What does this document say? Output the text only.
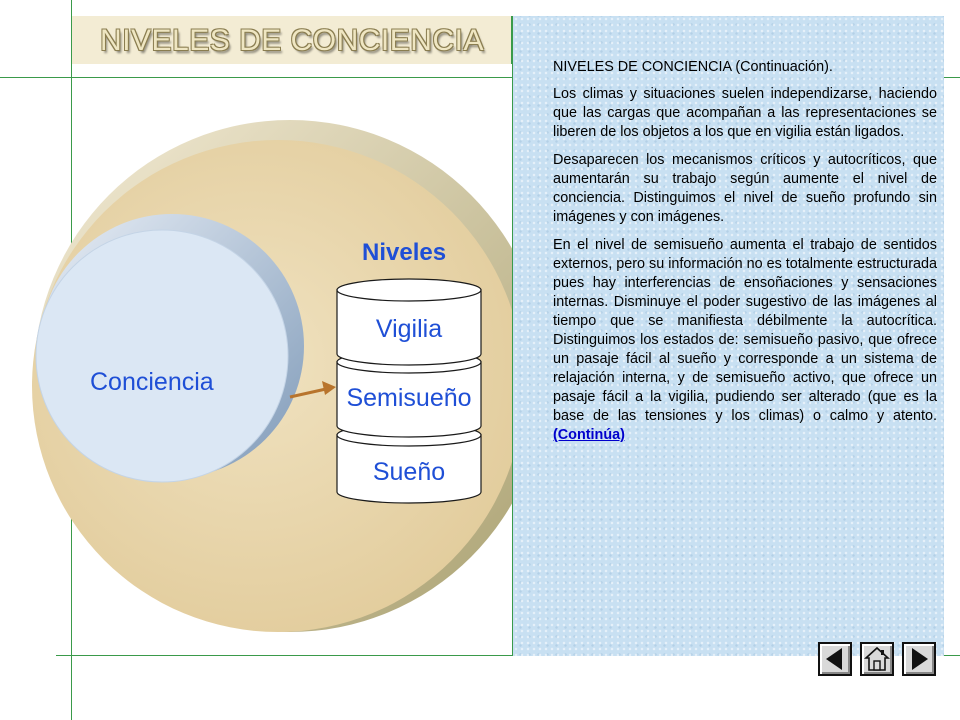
NIVELES DE CONCIENCIA
Conciencia
Niveles
Vigilia
Semisueño
Sueño
NIVELES DE CONCIENCIA (Continuación).

Los climas y situaciones suelen independizarse, haciendo que las cargas que acompañan a las representaciones se liberen de los objetos a los que en vigilia están ligados.

Desaparecen los mecanismos críticos y autocríticos, que aumentarán su trabajo según aumente el nivel de conciencia. Distinguimos el nivel de sueño profundo sin imágenes y con imágenes.

En el nivel de semisueño aumenta el trabajo de sentidos externos, pero su información no es totalmente estructurada pues hay interferencias de ensoñaciones y sensaciones internas. Disminuye el poder sugestivo de las imágenes al tiempo que se manifiesta débilmente la autocrítica. Distinguimos los estados de: semisueño pasivo, que ofrece un pasaje fácil al sueño y corresponde a un sistema de relajación interna, y de semisueño activo, que ofrece un pasaje fácil a la vigilia, pudiendo ser alterado (que es la base de las tensiones y los climas) o calmo y atento. (Continúa)
